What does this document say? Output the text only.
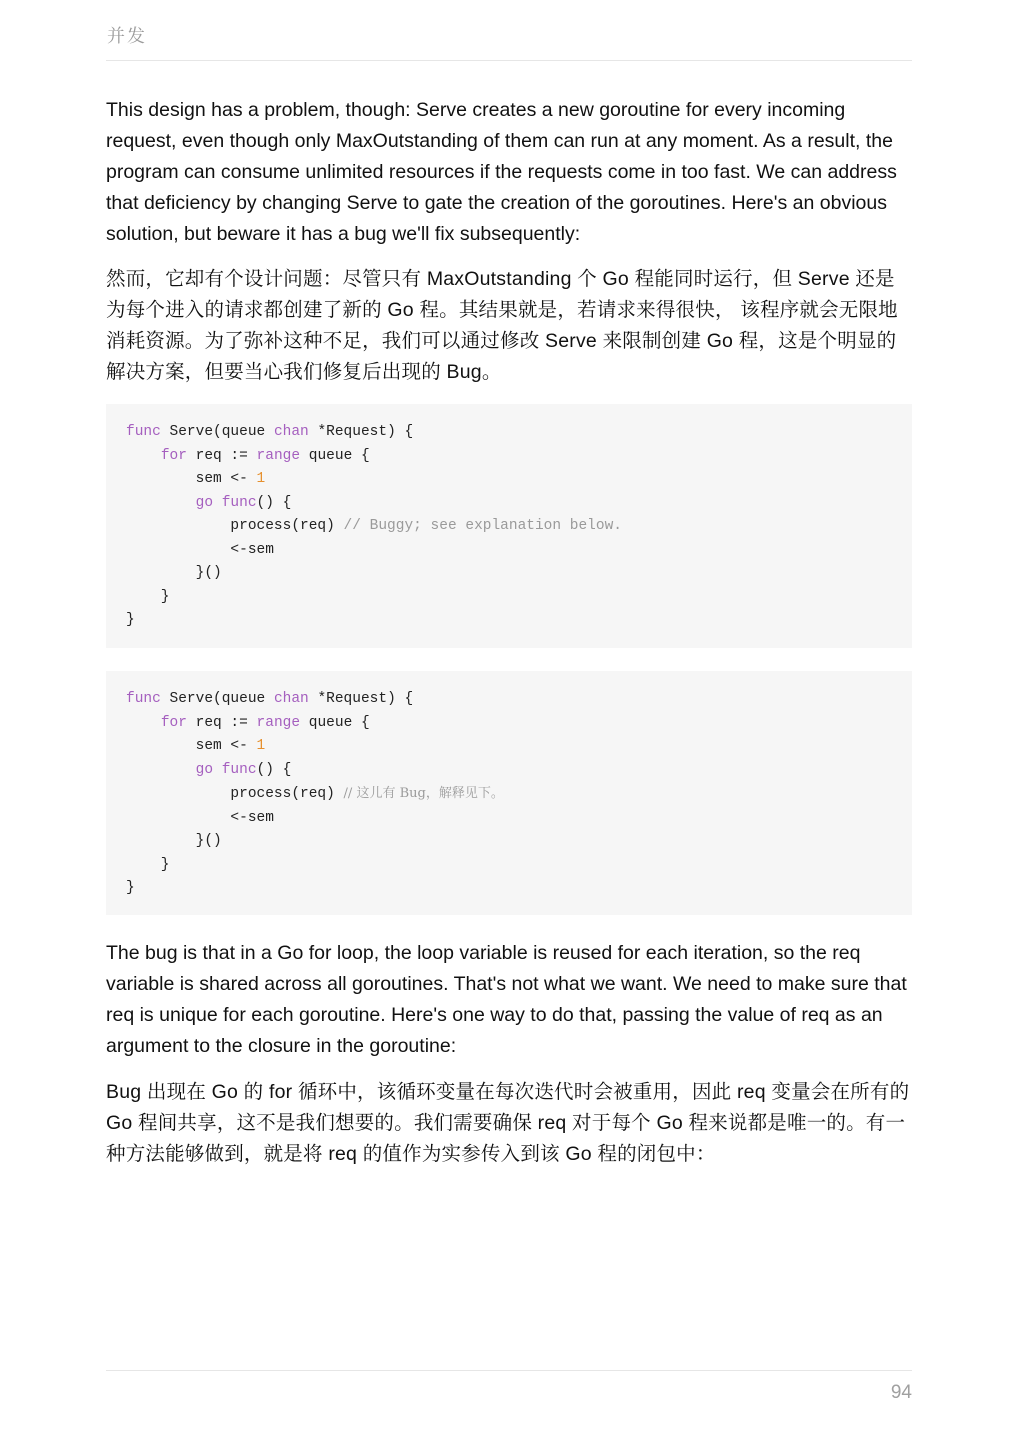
并发

This design has a problem, though: Serve creates a new goroutine for every incoming request, even though only MaxOutstanding of them can run at any moment. As a result, the program can consume unlimited resources if the requests come in too fast. We can address that deficiency by changing Serve to gate the creation of the goroutines. Here's an obvious solution, but beware it has a bug we'll fix subsequently:

然而，它却有个设计问题：尽管只有 MaxOutstanding 个 Go 程能同时运行，但 Serve 还是为每个进入的请求都创建了新的 Go 程。其结果就是，若请求来得很快， 该程序就会无限地消耗资源。为了弥补这种不足，我们可以通过修改 Serve 来限制创建 Go 程，这是个明显的解决方案，但要当心我们修复后出现的 Bug。

func Serve(queue chan *Request) {
for req := range queue {
sem <- 1
go func() {
process(req) // Buggy; see explanation below.
<-sem
}()
}
}
func Serve(queue chan *Request) {
for req := range queue {
sem <- 1
go func() {
process(req) // 这儿有 Bug，解释见下。
<-sem
}()
}
}

The bug is that in a Go for loop, the loop variable is reused for each iteration, so the req variable is shared across all goroutines. That's not what we want. We need to make sure that req is unique for each goroutine. Here's one way to do that, passing the value of req as an argument to the closure in the goroutine:

Bug 出现在 Go 的 for 循环中，该循环变量在每次迭代时会被重用，因此 req 变量会在所有的 Go 程间共享，这不是我们想要的。我们需要确保 req 对于每个 Go 程来说都是唯一的。有一种方法能够做到，就是将 req 的值作为实参传入到该 Go 程的闭包中：

94
